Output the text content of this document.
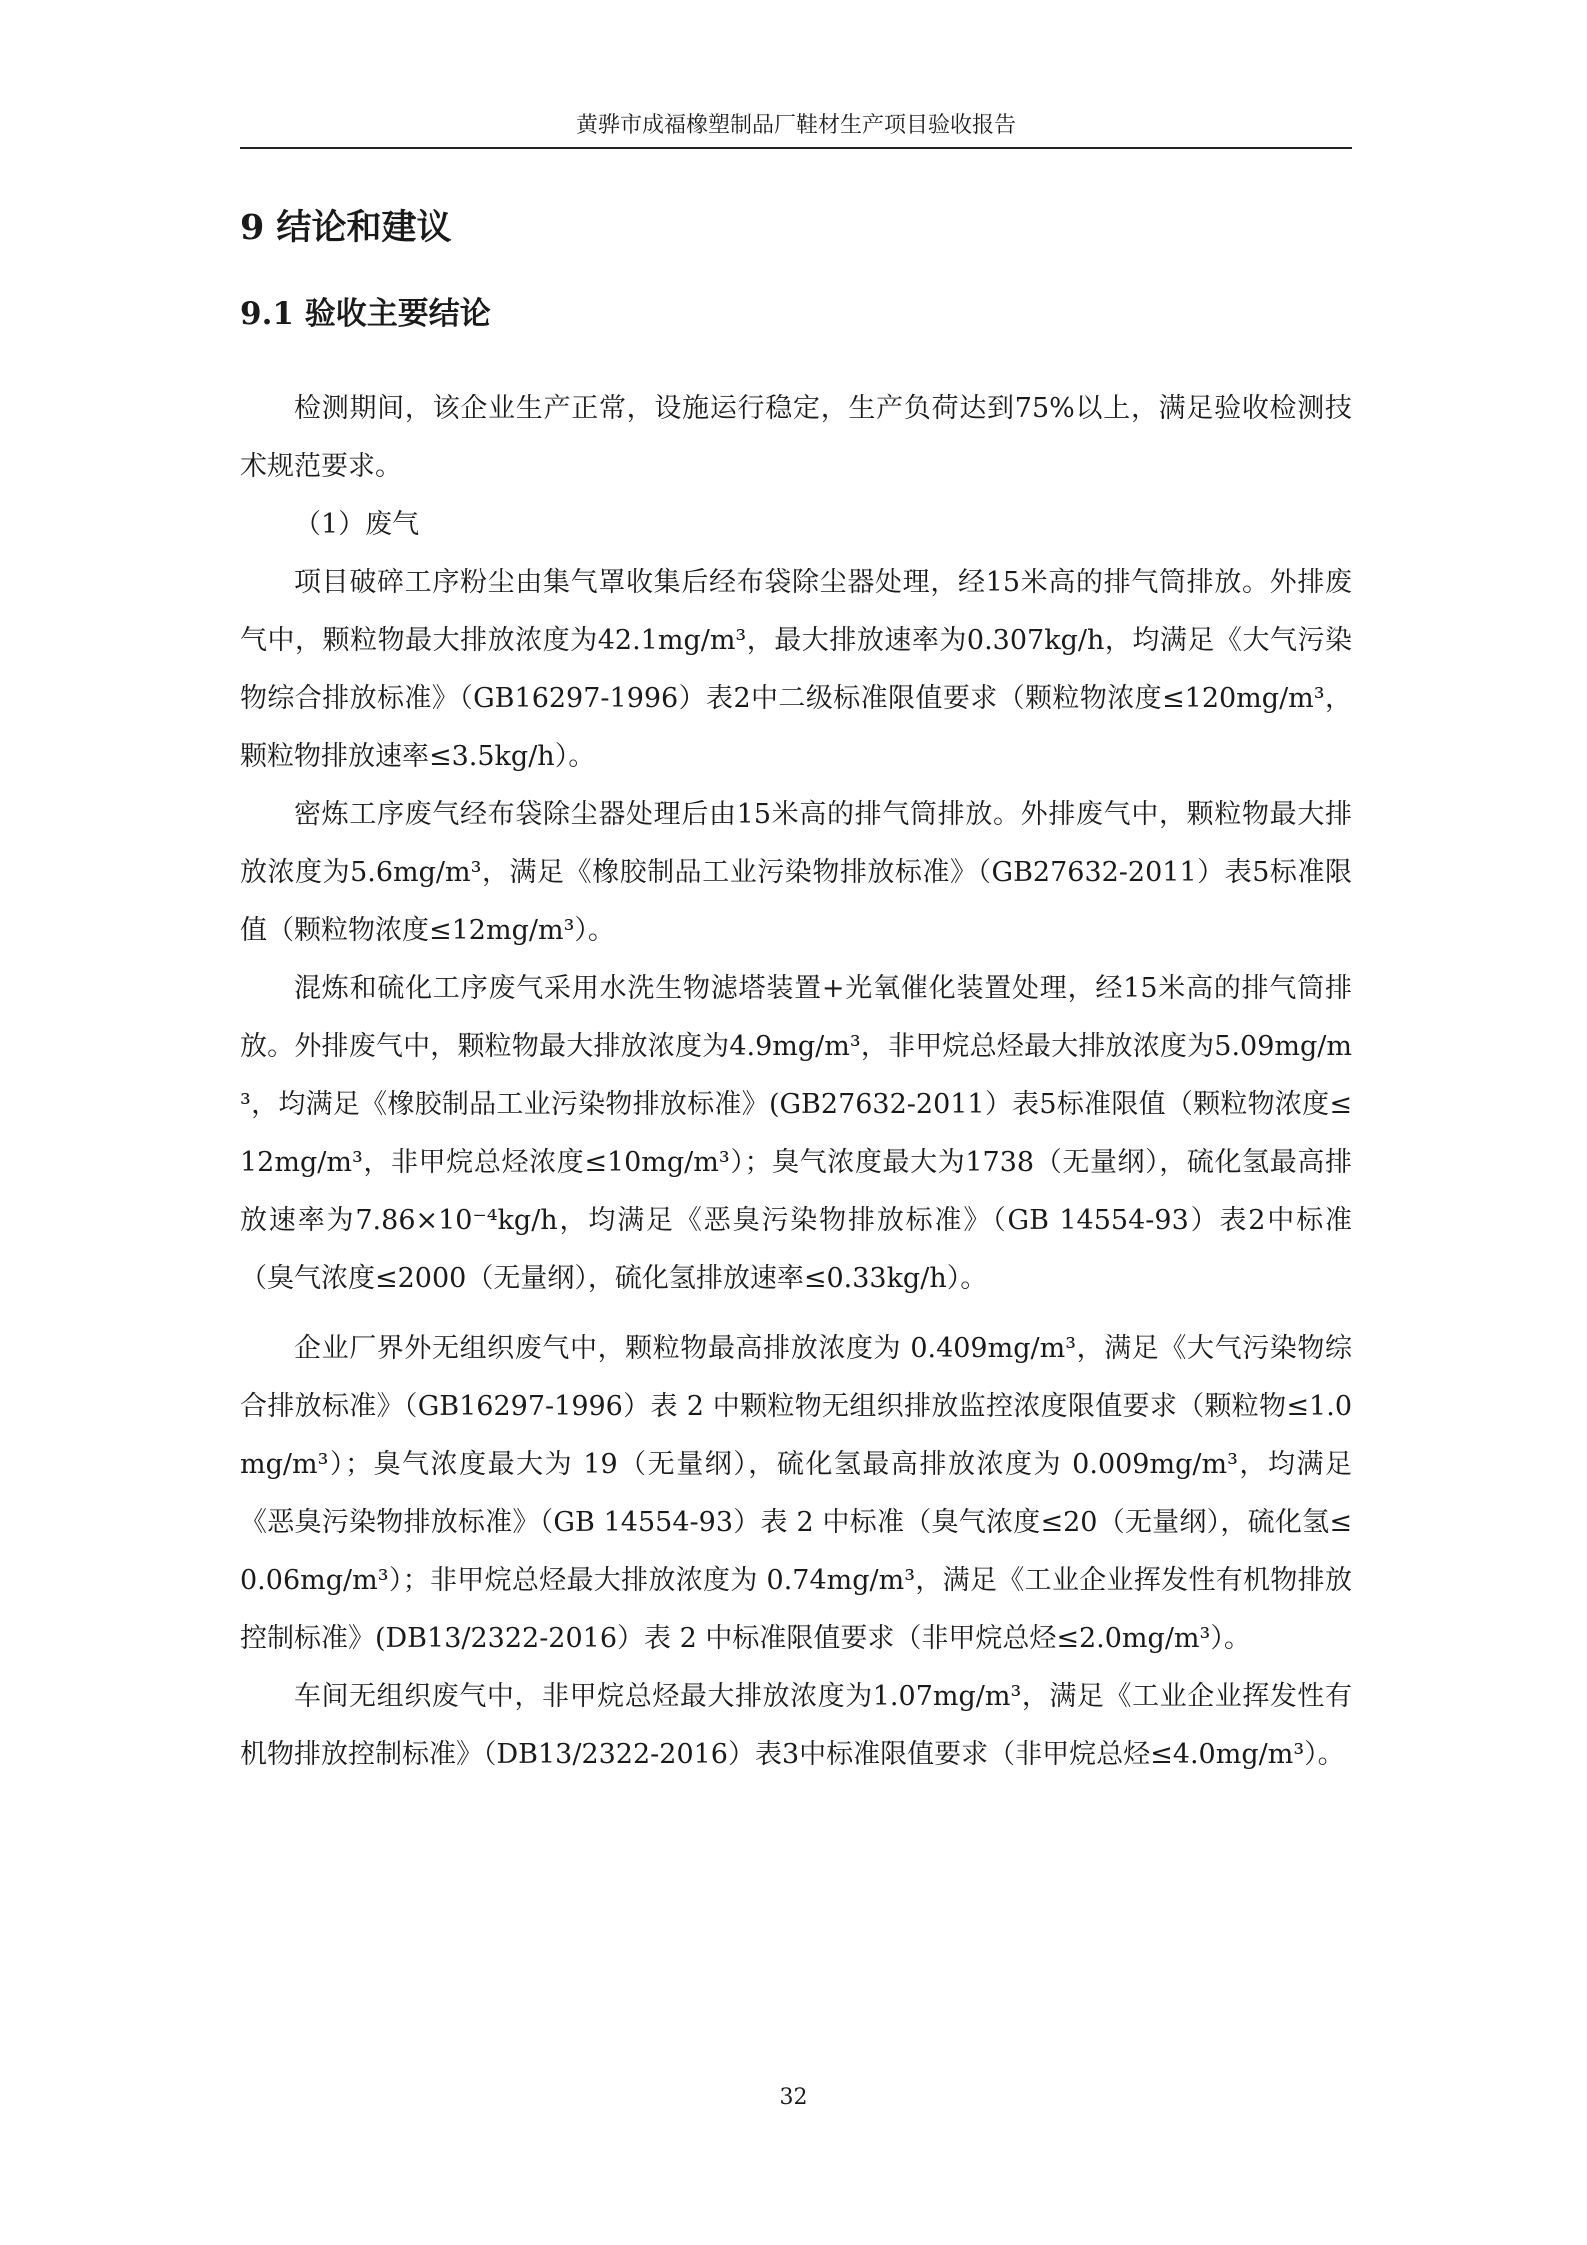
黄骅市成福橡塑制品厂鞋材生产项目验收报告
9 结论和建议
9.1 验收主要结论

检测期间，该企业生产正常，设施运行稳定，生产负荷达到75%以上，满足验收检测技术规范要求。

（1）废气

项目破碎工序粉尘由集气罩收集后经布袋除尘器处理，经15米高的排气筒排放。外排废气中，颗粒物最大排放浓度为42.1mg/m³，最大排放速率为0.307kg/h，均满足《大气污染物综合排放标准》（GB16297-1996）表2中二级标准限值要求（颗粒物浓度≤120mg/m³，颗粒物排放速率≤3.5kg/h）。

密炼工序废气经布袋除尘器处理后由15米高的排气筒排放。外排废气中，颗粒物最大排放浓度为5.6mg/m³，满足《橡胶制品工业污染物排放标准》（GB27632-2011）表5标准限值（颗粒物浓度≤12mg/m³）。

混炼和硫化工序废气采用水洗生物滤塔装置+光氧催化装置处理，经15米高的排气筒排放。外排废气中，颗粒物最大排放浓度为4.9mg/m³，非甲烷总烃最大排放浓度为5.09mg/m³，均满足《橡胶制品工业污染物排放标准》(GB27632-2011）表5标准限值（颗粒物浓度≤12mg/m³，非甲烷总烃浓度≤10mg/m³）；臭气浓度最大为1738（无量纲），硫化氢最高排放速率为7.86×10⁻⁴kg/h，均满足《恶臭污染物排放标准》（GB 14554-93）表2中标准（臭气浓度≤2000（无量纲），硫化氢排放速率≤0.33kg/h）。

企业厂界外无组织废气中，颗粒物最高排放浓度为 0.409mg/m³，满足《大气污染物综合排放标准》（GB16297-1996）表 2 中颗粒物无组织排放监控浓度限值要求（颗粒物≤1.0mg/m³）；臭气浓度最大为 19（无量纲），硫化氢最高排放浓度为 0.009mg/m³，均满足《恶臭污染物排放标准》（GB 14554-93）表 2 中标准（臭气浓度≤20（无量纲），硫化氢≤0.06mg/m³）；非甲烷总烃最大排放浓度为 0.74mg/m³，满足《工业企业挥发性有机物排放控制标准》(DB13/2322-2016）表 2 中标准限值要求（非甲烷总烃≤2.0mg/m³）。

车间无组织废气中，非甲烷总烃最大排放浓度为1.07mg/m³，满足《工业企业挥发性有机物排放控制标准》（DB13/2322-2016）表3中标准限值要求（非甲烷总烃≤4.0mg/m³）。

32
